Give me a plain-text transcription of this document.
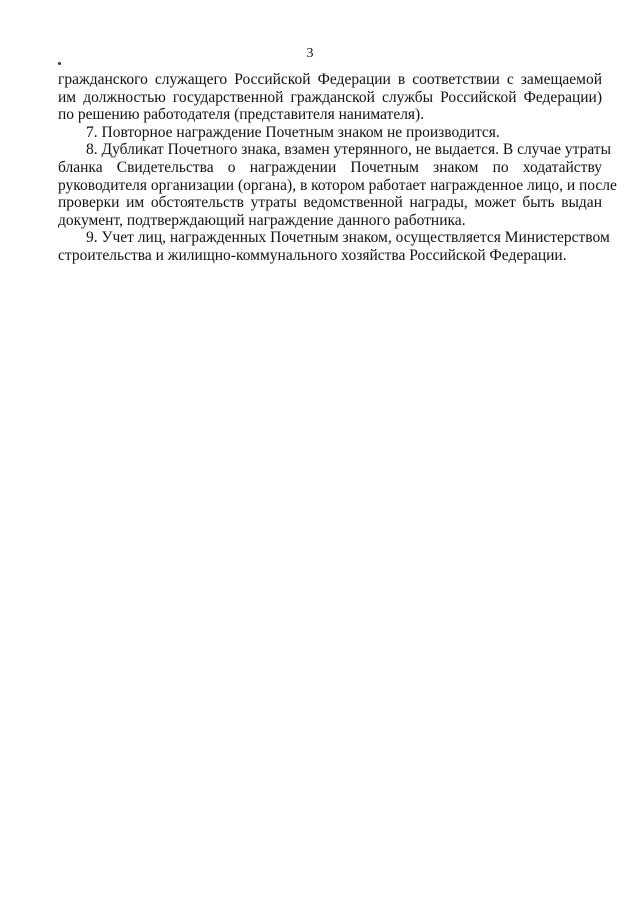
3
гражданского служащего Российской Федерации в соответствии с замещаемой
им должностью государственной гражданской службы Российской Федерации)
по решению работодателя (представителя нанимателя).
7. Повторное награждение Почетным знаком не производится.
8. Дубликат Почетного знака, взамен утерянного, не выдается. В случае утраты
бланка Свидетельства о награждении Почетным знаком по ходатайству
руководителя организации (органа), в котором работает награжденное лицо, и после
проверки им обстоятельств утраты ведомственной награды, может быть выдан
документ, подтверждающий награждение данного работника.
9. Учет лиц, награжденных Почетным знаком, осуществляется Министерством
строительства и жилищно-коммунального хозяйства Российской Федерации.
